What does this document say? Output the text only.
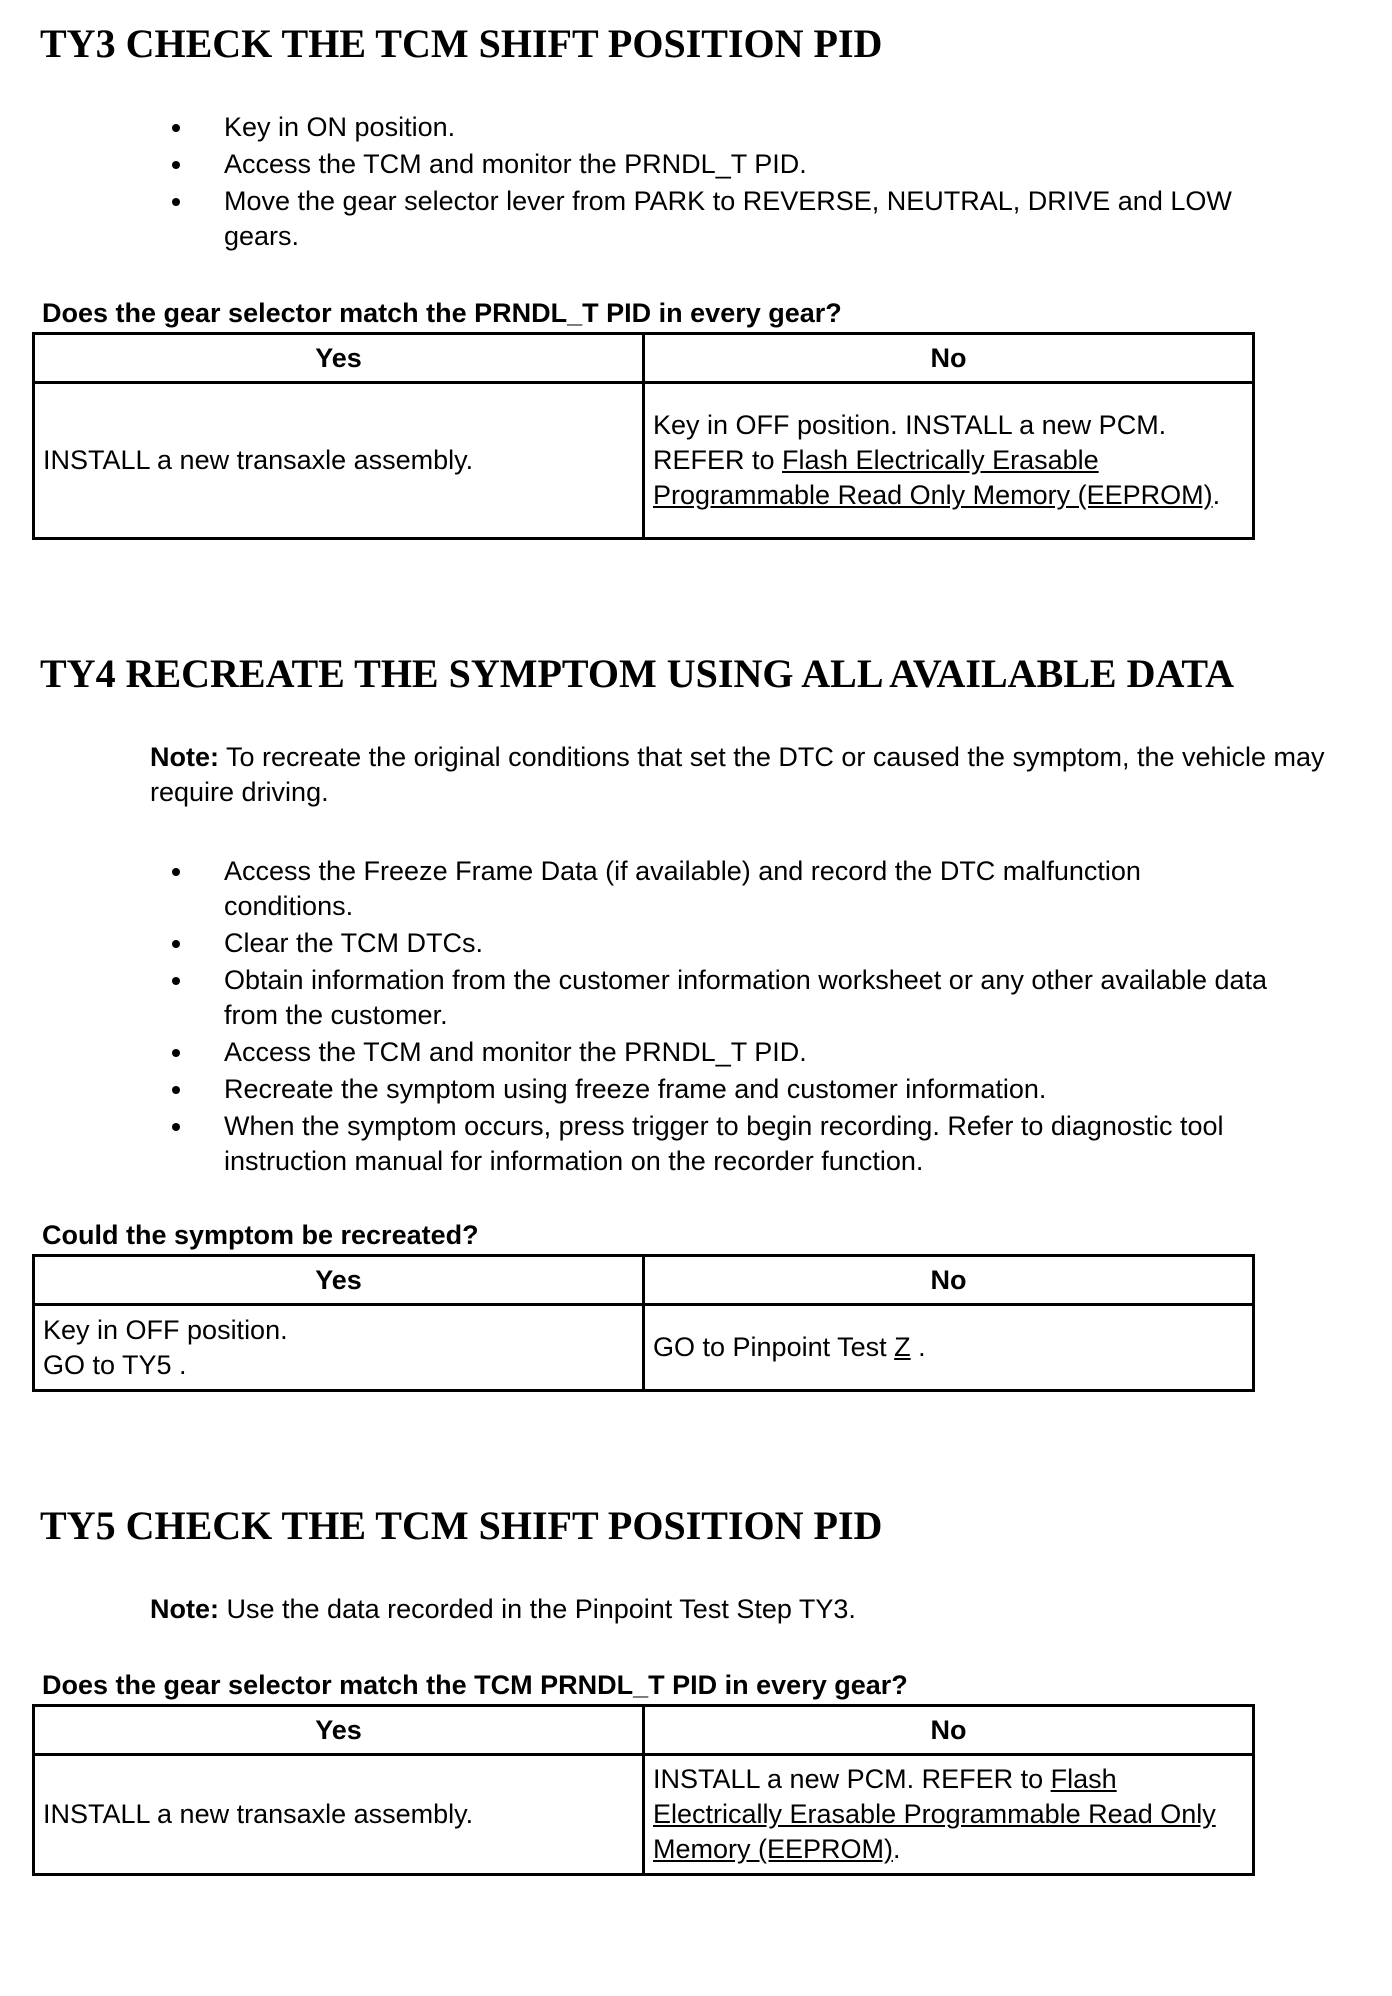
TY3 CHECK THE TCM SHIFT POSITION PID
Key in ON position.
Access the TCM and monitor the PRNDL_T PID.
Move the gear selector lever from PARK to REVERSE, NEUTRAL, DRIVE and LOW gears.

Does the gear selector match the PRNDL_T PID in every gear?

Yes	No
INSTALL a new transaxle assembly.	Key in OFF position. INSTALL a new PCM. REFER to Flash Electrically Erasable Programmable Read Only Memory (EEPROM).
TY4 RECREATE THE SYMPTOM USING ALL AVAILABLE DATA

Note: To recreate the original conditions that set the DTC or caused the symptom, the vehicle may require driving.

Access the Freeze Frame Data (if available) and record the DTC malfunction conditions.
Clear the TCM DTCs.
Obtain information from the customer information worksheet or any other available data from the customer.
Access the TCM and monitor the PRNDL_T PID.
Recreate the symptom using freeze frame and customer information.
When the symptom occurs, press trigger to begin recording. Refer to diagnostic tool instruction manual for information on the recorder function.

Could the symptom be recreated?

Yes	No

Key in OFF position.
GO to TY5 .	GO to Pinpoint Test Z .
TY5 CHECK THE TCM SHIFT POSITION PID

Note: Use the data recorded in the Pinpoint Test Step TY3.

Does the gear selector match the TCM PRNDL_T PID in every gear?

Yes	No
INSTALL a new transaxle assembly.	INSTALL a new PCM. REFER to Flash Electrically Erasable Programmable Read Only Memory (EEPROM).
